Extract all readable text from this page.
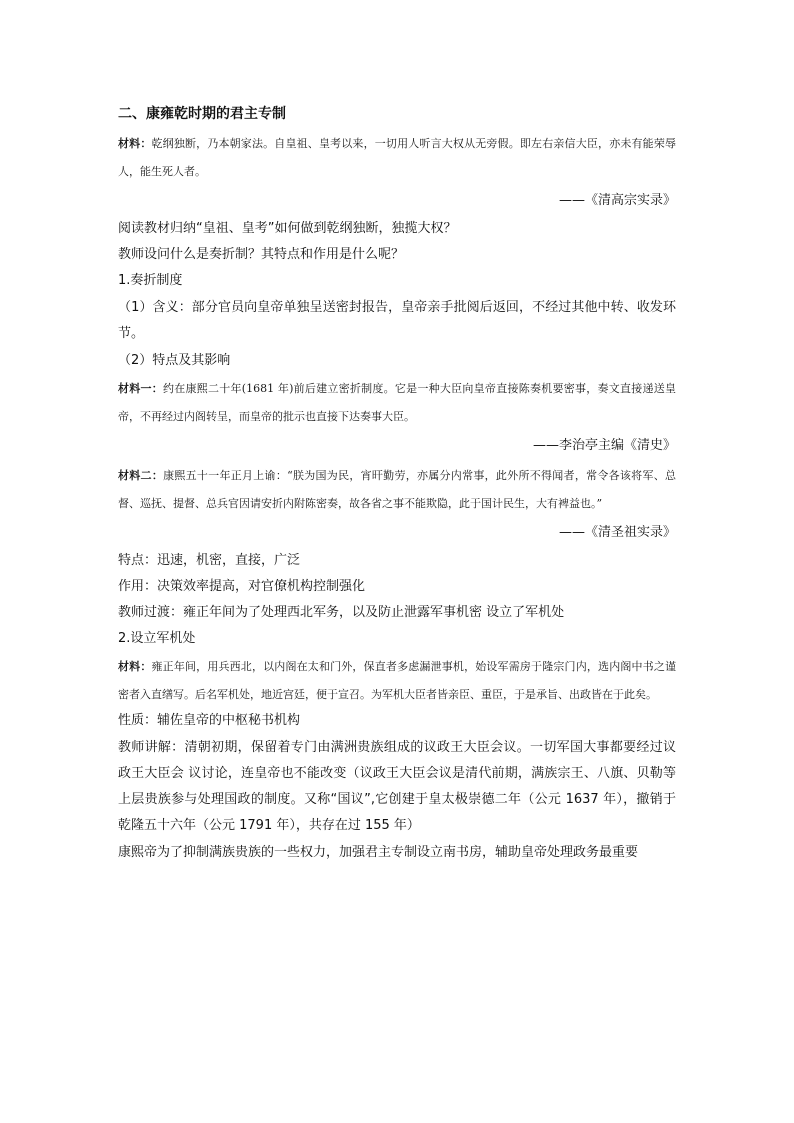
二、康雍乾时期的君主专制
材料：乾纲独断，乃本朝家法。自皇祖、皇考以来，一切用人听言大权从无旁假。即左右亲信大臣，亦未有能荣辱人，能生死人者。
——《清高宗实录》
阅读教材归纳“皇祖、皇考”如何做到乾纲独断，独揽大权？
教师设问什么是奏折制？其特点和作用是什么呢？
1.奏折制度
（1）含义：部分官员向皇帝单独呈送密封报告，皇帝亲手批阅后返回，不经过其他中转、收发环节。
（2）特点及其影响
材料一：约在康熙二十年(1681 年)前后建立密折制度。它是一种大臣向皇帝直接陈奏机要密事，奏文直接递送皇帝，不再经过内阁转呈，而皇帝的批示也直接下达奏事大臣。
——李治亭主编《清史》
材料二：康熙五十一年正月上谕：“朕为国为民，宵旰勤劳，亦属分内常事，此外所不得闻者，常令各该将军、总督、巡抚、提督、总兵官因请安折内附陈密奏，故各省之事不能欺隐，此于国计民生，大有裨益也。”
——《清圣祖实录》
特点：迅速，机密，直接，广泛
作用：决策效率提高，对官僚机构控制强化
教师过渡：雍正年间为了处理西北军务，以及防止泄露军事机密 设立了军机处
2.设立军机处
材料：雍正年间，用兵西北，以内阁在太和门外，保直者多虑漏泄事机，始设军需房于隆宗门内，选内阁中书之谨密者入直缮写。后名军机处，地近宫廷，便于宣召。为军机大臣者皆亲臣、重臣，于是承旨、出政皆在于此矣。
性质：辅佐皇帝的中枢秘书机构
教师讲解：清朝初期，保留着专门由满洲贵族组成的议政王大臣会议。一切军国大事都要经过议政王大臣会 议讨论，连皇帝也不能改变（议政王大臣会议是清代前期，满族宗王、八旗、贝勒等上层贵族参与处理国政的制度。又称“国议”,它创建于皇太极崇德二年（公元 1637 年），撤销于乾隆五十六年（公元 1791 年），共存在过 155 年）
康熙帝为了抑制满族贵族的一些权力，加强君主专制设立南书房，辅助皇帝处理政务最重要
